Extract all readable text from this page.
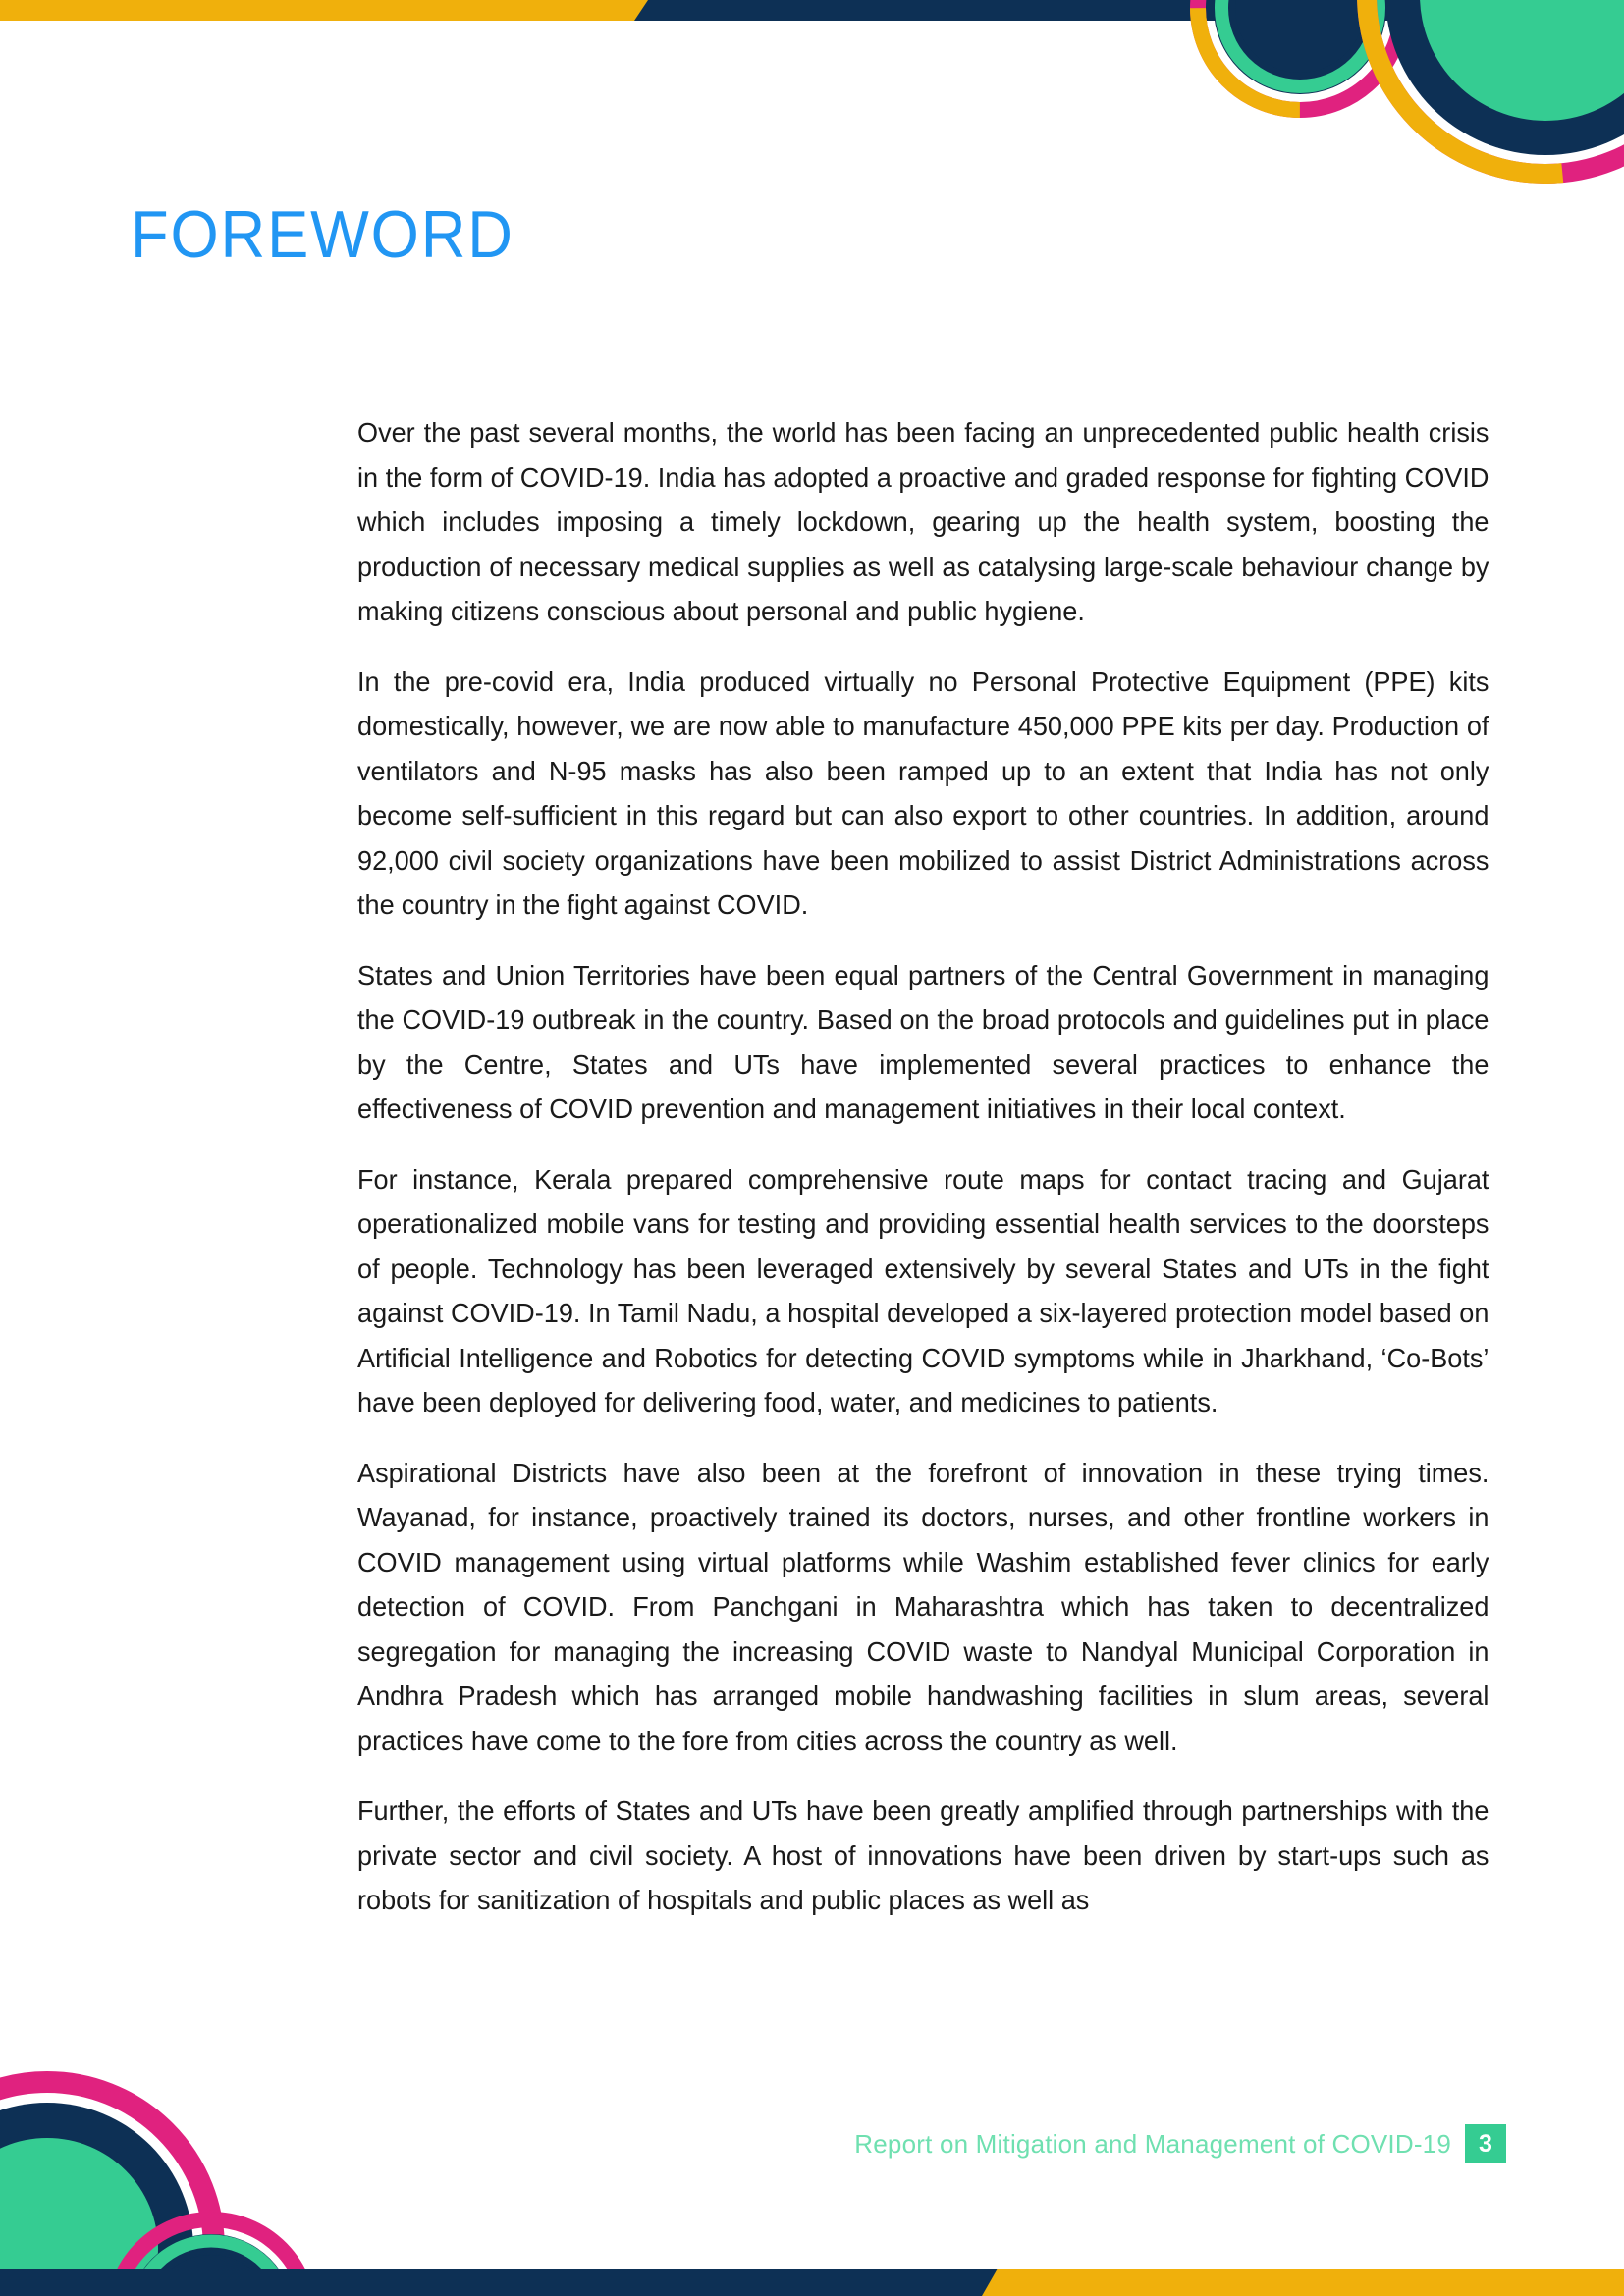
FOREWORD

Over the past several months, the world has been facing an unprecedented public health crisis in the form of COVID-19. India has adopted a proactive and graded response for fighting COVID which includes imposing a timely lockdown, gearing up the health system, boosting the production of necessary medical supplies as well as catalysing large-scale behaviour change by making citizens conscious about personal and public hygiene.

In the pre-covid era, India produced virtually no Personal Protective Equipment (PPE) kits domestically, however, we are now able to manufacture 450,000 PPE kits per day. Production of ventilators and N-95 masks has also been ramped up to an extent that India has not only become self-sufficient in this regard but can also export to other countries. In addition, around 92,000 civil society organizations have been mobilized to assist District Administrations across the country in the fight against COVID.

States and Union Territories have been equal partners of the Central Government in managing the COVID-19 outbreak in the country. Based on the broad protocols and guidelines put in place by the Centre, States and UTs have implemented several practices to enhance the effectiveness of COVID prevention and management initiatives in their local context.

For instance, Kerala prepared comprehensive route maps for contact tracing and Gujarat operationalized mobile vans for testing and providing essential health services to the doorsteps of people. Technology has been leveraged extensively by several States and UTs in the fight against COVID-19. In Tamil Nadu, a hospital developed a six-layered protection model based on Artificial Intelligence and Robotics for detecting COVID symptoms while in Jharkhand, ‘Co-Bots’ have been deployed for delivering food, water, and medicines to patients.

Aspirational Districts have also been at the forefront of innovation in these trying times. Wayanad, for instance, proactively trained its doctors, nurses, and other frontline workers in COVID management using virtual platforms while Washim established fever clinics for early detection of COVID. From Panchgani in Maharashtra which has taken to decentralized segregation for managing the increasing COVID waste to Nandyal Municipal Corporation in Andhra Pradesh which has arranged mobile handwashing facilities in slum areas, several practices have come to the fore from cities across the country as well.

Further, the efforts of States and UTs have been greatly amplified through partnerships with the private sector and civil society. A host of innovations have been driven by start-ups such as robots for sanitization of hospitals and public places as well as

Report on Mitigation and Management of COVID-19	3
